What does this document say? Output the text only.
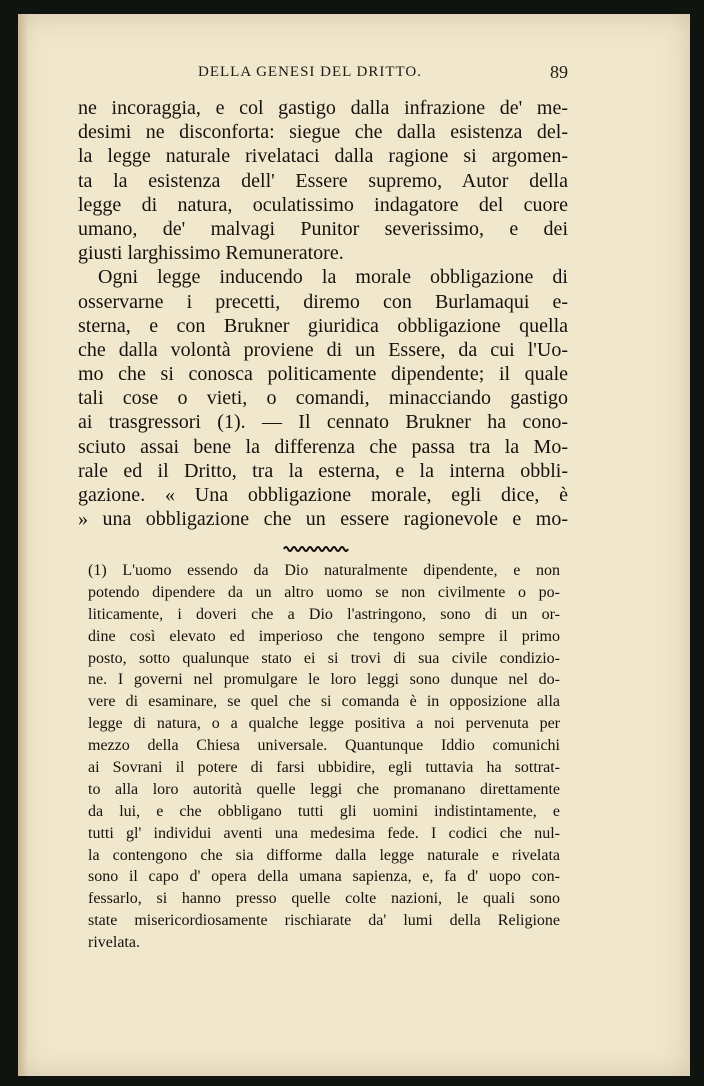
DELLA GENESI DEL DRITTO.	89
ne incoraggia, e col gastigo dalla infrazione de' me-
desimi ne disconforta: siegue che dalla esistenza del-
la legge naturale rivelataci dalla ragione si argomen-
ta la esistenza dell' Essere supremo, Autor della
legge di natura, oculatissimo indagatore del cuore
umano, de' malvagi Punitor severissimo, e dei
giusti larghissimo Remuneratore.
Ogni legge inducendo la morale obbligazione di
osservarne i precetti, diremo con Burlamaqui e-
sterna, e con Brukner giuridica obbligazione quella
che dalla volontà proviene di un Essere, da cui l'Uo-
mo che si conosca politicamente dipendente; il quale
tali cose o vieti, o comandi, minacciando gastigo
ai trasgressori (1). — Il cennato Brukner ha cono-
sciuto assai bene la differenza che passa tra la Mo-
rale ed il Dritto, tra la esterna, e la interna obbli-
gazione. « Una obbligazione morale, egli dice, è
» una obbligazione che un essere ragionevole e mo-
(1) L'uomo essendo da Dio naturalmente dipendente, e non
potendo dipendere da un altro uomo se non civilmente o po-
liticamente, i doveri che a Dio l'astringono, sono di un or-
dine così elevato ed imperioso che tengono sempre il primo
posto, sotto qualunque stato ei si trovi di sua civile condizio-
ne. I governi nel promulgare le loro leggi sono dunque nel do-
vere di esaminare, se quel che si comanda è in opposizione alla
legge di natura, o a qualche legge positiva a noi pervenuta per
mezzo della Chiesa universale. Quantunque Iddio comunichi
ai Sovrani il potere di farsi ubbidire, egli tuttavia ha sottrat-
to alla loro autorità quelle leggi che promanano direttamente
da lui, e che obbligano tutti gli uomini indistintamente, e
tutti gl' individui aventi una medesima fede. I codici che nul-
la contengono che sia difforme dalla legge naturale e rivelata
sono il capo d' opera della umana sapienza, e, fa d' uopo con-
fessarlo, si hanno presso quelle colte nazioni, le quali sono
state misericordiosamente rischiarate da' lumi della Religione
rivelata.
